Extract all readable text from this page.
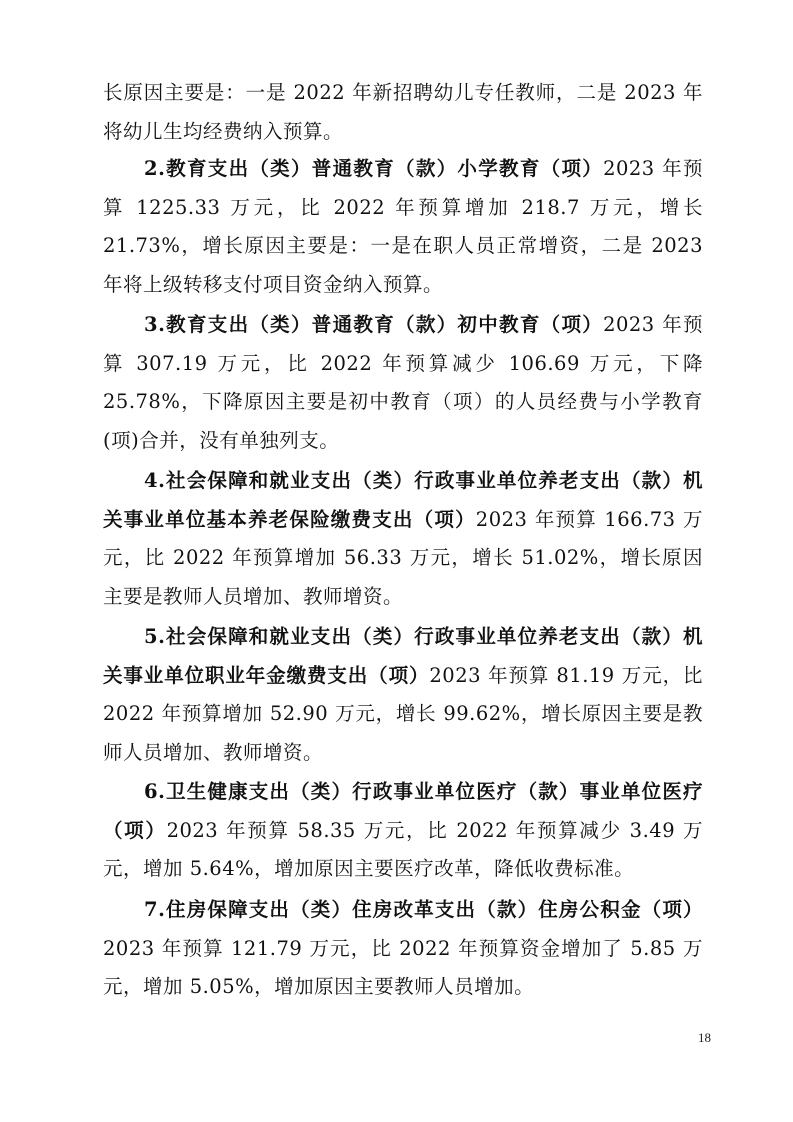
长原因主要是：一是 2022 年新招聘幼儿专任教师，二是 2023 年将幼儿生均经费纳入预算。

2.教育支出（类）普通教育（款）小学教育（项）2023 年预算 1225.33 万元，比 2022 年预算增加 218.7 万元，增长 21.73%，增长原因主要是：一是在职人员正常增资，二是 2023 年将上级转移支付项目资金纳入预算。

3.教育支出（类）普通教育（款）初中教育（项）2023 年预算 307.19 万元，比 2022 年预算减少 106.69 万元，下降 25.78%，下降原因主要是初中教育（项）的人员经费与小学教育(项)合并，没有单独列支。

4.社会保障和就业支出（类）行政事业单位养老支出（款）机关事业单位基本养老保险缴费支出（项）2023 年预算 166.73 万元，比 2022 年预算增加 56.33 万元，增长 51.02%，增长原因主要是教师人员增加、教师增资。

5.社会保障和就业支出（类）行政事业单位养老支出（款）机关事业单位职业年金缴费支出（项）2023 年预算 81.19 万元，比 2022 年预算增加 52.90 万元，增长 99.62%，增长原因主要是教师人员增加、教师增资。

6.卫生健康支出（类）行政事业单位医疗（款）事业单位医疗（项）2023 年预算 58.35 万元，比 2022 年预算减少 3.49 万元，增加 5.64%，增加原因主要医疗改革，降低收费标准。

7.住房保障支出（类）住房改革支出（款）住房公积金（项）2023 年预算 121.79 万元，比 2022 年预算资金增加了 5.85 万元，增加 5.05%，增加原因主要教师人员增加。

18
